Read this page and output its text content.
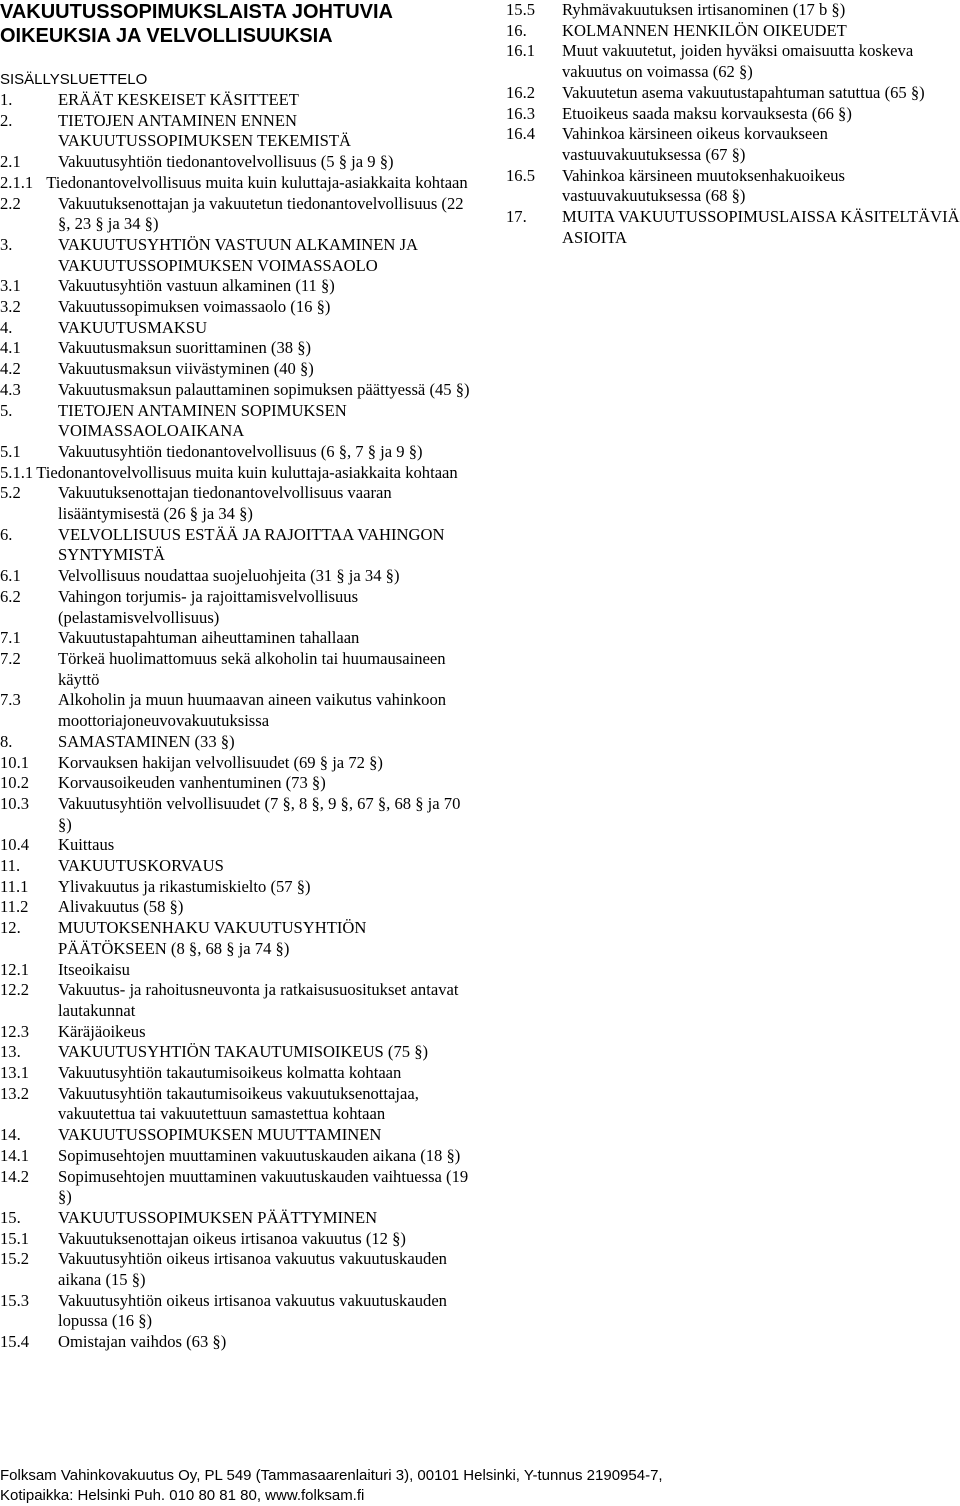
VAKUUTUSSOPIMUKSLAISTA JOHTUVIA
OIKEUKSIA JA VELVOLLISUUKSIA
SISÄLLYSLUETTELO
1.	ERÄÄT KESKEISET KÄSITTEET
2.	TIETOJEN ANTAMINEN ENNEN VAKUUTUSSOPIMUKSEN TEKEMISTÄ
2.1	Vakuutusyhtiön tiedonantovelvollisuus (5 § ja 9 §)
2.1.1 Tiedonantovelvollisuus muita kuin kuluttaja-asiakkaita kohtaan
2.2	Vakuutuksenottajan ja vakuutetun tiedonantovelvollisuus (22 §, 23 § ja 34 §)
3.	VAKUUTUSYHTIÖN VASTUUN ALKAMINEN JA VAKUUTUSSOPIMUKSEN VOIMASSAOLO
3.1	Vakuutusyhtiön vastuun alkaminen (11 §)
3.2	Vakuutussopimuksen voimassaolo (16 §)
4.	VAKUUTUSMAKSU
4.1	Vakuutusmaksun suorittaminen (38 §)
4.2	Vakuutusmaksun viivästyminen (40 §)
4.3	Vakuutusmaksun palauttaminen sopimuksen päättyessä (45 §)
5.	TIETOJEN ANTAMINEN SOPIMUKSEN VOIMASSAOLOAIKANA
5.1	Vakuutusyhtiön tiedonantovelvollisuus (6 §, 7 § ja 9 §)
5.1.1 Tiedonantovelvollisuus muita kuin kuluttaja-asiakkaita kohtaan
5.2	Vakuutuksenottajan tiedonantovelvollisuus vaaran lisääntymisestä (26 § ja 34 §)
6.	VELVOLLISUUS ESTÄÄ JA RAJOITTAA VAHINGON SYNTYMISTÄ
6.1	Velvollisuus noudattaa suojeluohjeita (31 § ja 34 §)
6.2	Vahingon torjumis- ja rajoittamisvelvollisuus (pelastamisvelvollisuus)
7.1	Vakuutustapahtuman aiheuttaminen tahallaan
7.2	Törkeä huolimattomuus sekä alkoholin tai huumausaineen käyttö
7.3	Alkoholin ja muun huumaavan aineen vaikutus vahinkoon moottoriajoneuvovakuutuksissa
8.	SAMASTAMINEN (33 §)
10.1	Korvauksen hakijan velvollisuudet (69 § ja 72 §)
10.2	Korvausoikeuden vanhentuminen (73 §)
10.3	Vakuutusyhtiön velvollisuudet (7 §, 8 §, 9 §, 67 §, 68 § ja 70 §)
10.4	Kuittaus
11.	VAKUUTUSKORVAUS
11.1	Ylivakuutus ja rikastumiskielto (57 §)
11.2	Alivakuutus (58 §)
12.	MUUTOKSENHAKU VAKUUTUSYHTIÖN PÄÄTÖKSEEN (8 §, 68 § ja 74 §)
12.1	Itseoikaisu
12.2	Vakuutus- ja rahoitusneuvonta ja ratkaisusuositukset antavat lautakunnat
12.3	Käräjäoikeus
13.	VAKUUTUSYHTIÖN TAKAUTUMISOIKEUS (75 §)
13.1	Vakuutusyhtiön takautumisoikeus kolmatta kohtaan
13.2	Vakuutusyhtiön takautumisoikeus vakuutuksenottajaa, vakuutettua tai vakuutettuun samastettua kohtaan
14.	VAKUUTUSSOPIMUKSEN MUUTTAMINEN
14.1	Sopimusehtojen muuttaminen vakuutuskauden aikana (18 §)
14.2	Sopimusehtojen muuttaminen vakuutuskauden vaihtuessa (19 §)
15.	VAKUUTUSSOPIMUKSEN PÄÄTTYMINEN
15.1	Vakuutuksenottajan oikeus irtisanoa vakuutus (12 §)
15.2	Vakuutusyhtiön oikeus irtisanoa vakuutus vakuutuskauden aikana (15 §)
15.3	Vakuutusyhtiön oikeus irtisanoa vakuutus vakuutuskauden lopussa (16 §)
15.4	Omistajan vaihdos (63 §)
15.5	Ryhmävakuutuksen irtisanominen (17 b §)
16.	KOLMANNEN HENKILÖN OIKEUDET
16.1	Muut vakuutetut, joiden hyväksi omaisuutta koskeva vakuutus on voimassa (62 §)
16.2	Vakuutetun asema vakuutustapahtuman satuttua (65 §)
16.3	Etuoikeus saada maksu korvauksesta (66 §)
16.4	Vahinkoa kärsineen oikeus korvaukseen vastuuvakuutuksessa (67 §)
16.5	Vahinkoa kärsineen muutoksenhakuoikeus vastuuvakuutuksessa (68 §)
17.	MUITA VAKUUTUSSOPIMUSLAISSA KÄSITELTÄVIÄ ASIOITA
Folksam Vahinkovakuutus Oy, PL 549 (Tammasaarenlaituri 3), 00101 Helsinki, Y-tunnus 2190954-7,
Kotipaikka: Helsinki Puh. 010 80 81 80, www.folksam.fi
